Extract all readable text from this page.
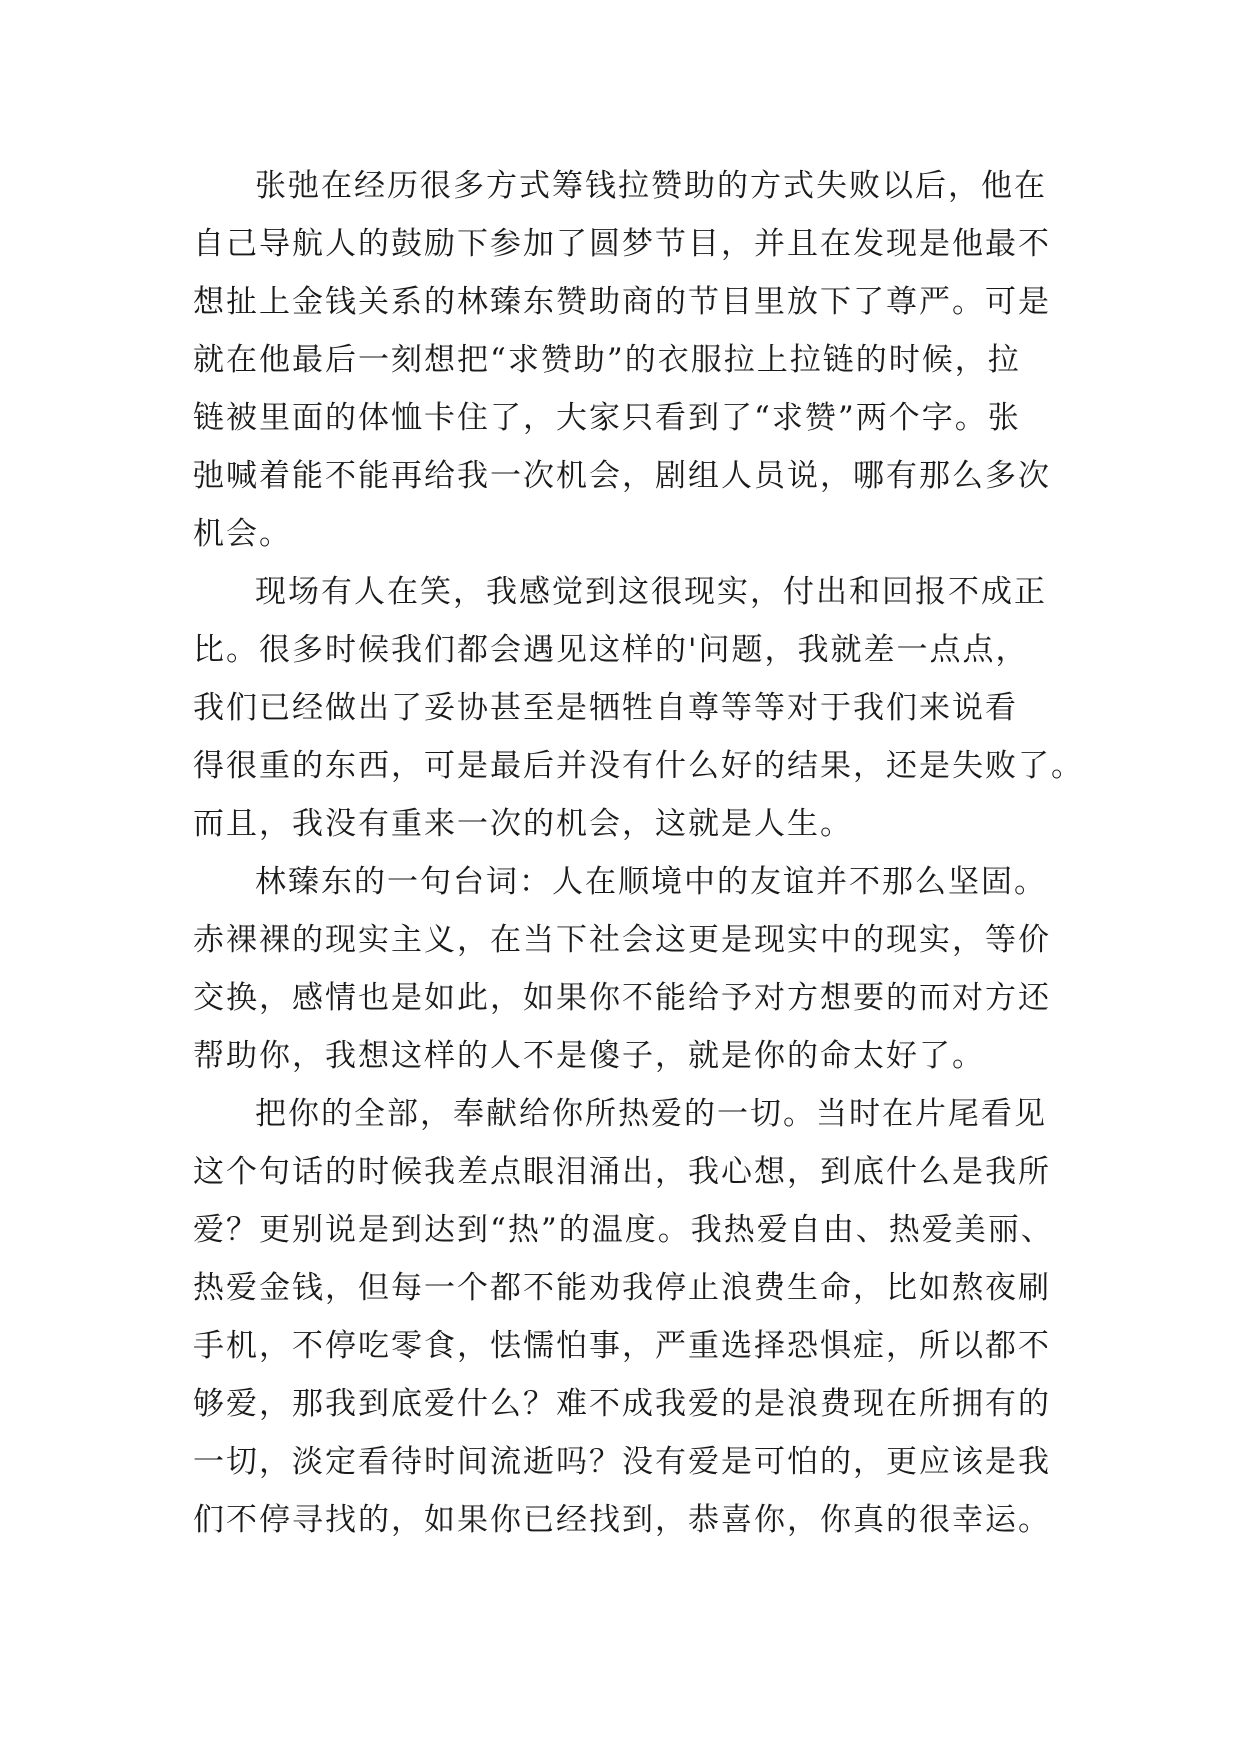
张弛在经历很多方式筹钱拉赞助的方式失败以后，他在
自己导航人的鼓励下参加了圆梦节目，并且在发现是他最不
想扯上金钱关系的林臻东赞助商的节目里放下了尊严。可是
就在他最后一刻想把“求赞助”的衣服拉上拉链的时候，拉
链被里面的体恤卡住了，大家只看到了“求赞”两个字。张
弛喊着能不能再给我一次机会，剧组人员说，哪有那么多次
机会。
现场有人在笑，我感觉到这很现实，付出和回报不成正
比。很多时候我们都会遇见这样的'问题，我就差一点点，
我们已经做出了妥协甚至是牺牲自尊等等对于我们来说看
得很重的东西，可是最后并没有什么好的结果，还是失败了。
而且，我没有重来一次的机会，这就是人生。
林臻东的一句台词：人在顺境中的友谊并不那么坚固。
赤裸裸的现实主义，在当下社会这更是现实中的现实，等价
交换，感情也是如此，如果你不能给予对方想要的而对方还
帮助你，我想这样的人不是傻子，就是你的命太好了。
把你的全部，奉献给你所热爱的一切。当时在片尾看见
这个句话的时候我差点眼泪涌出，我心想，到底什么是我所
爱？更别说是到达到“热”的温度。我热爱自由、热爱美丽、
热爱金钱，但每一个都不能劝我停止浪费生命，比如熬夜刷
手机，不停吃零食，怯懦怕事，严重选择恐惧症，所以都不
够爱，那我到底爱什么？难不成我爱的是浪费现在所拥有的
一切，淡定看待时间流逝吗？没有爱是可怕的，更应该是我
们不停寻找的，如果你已经找到，恭喜你，你真的很幸运。
